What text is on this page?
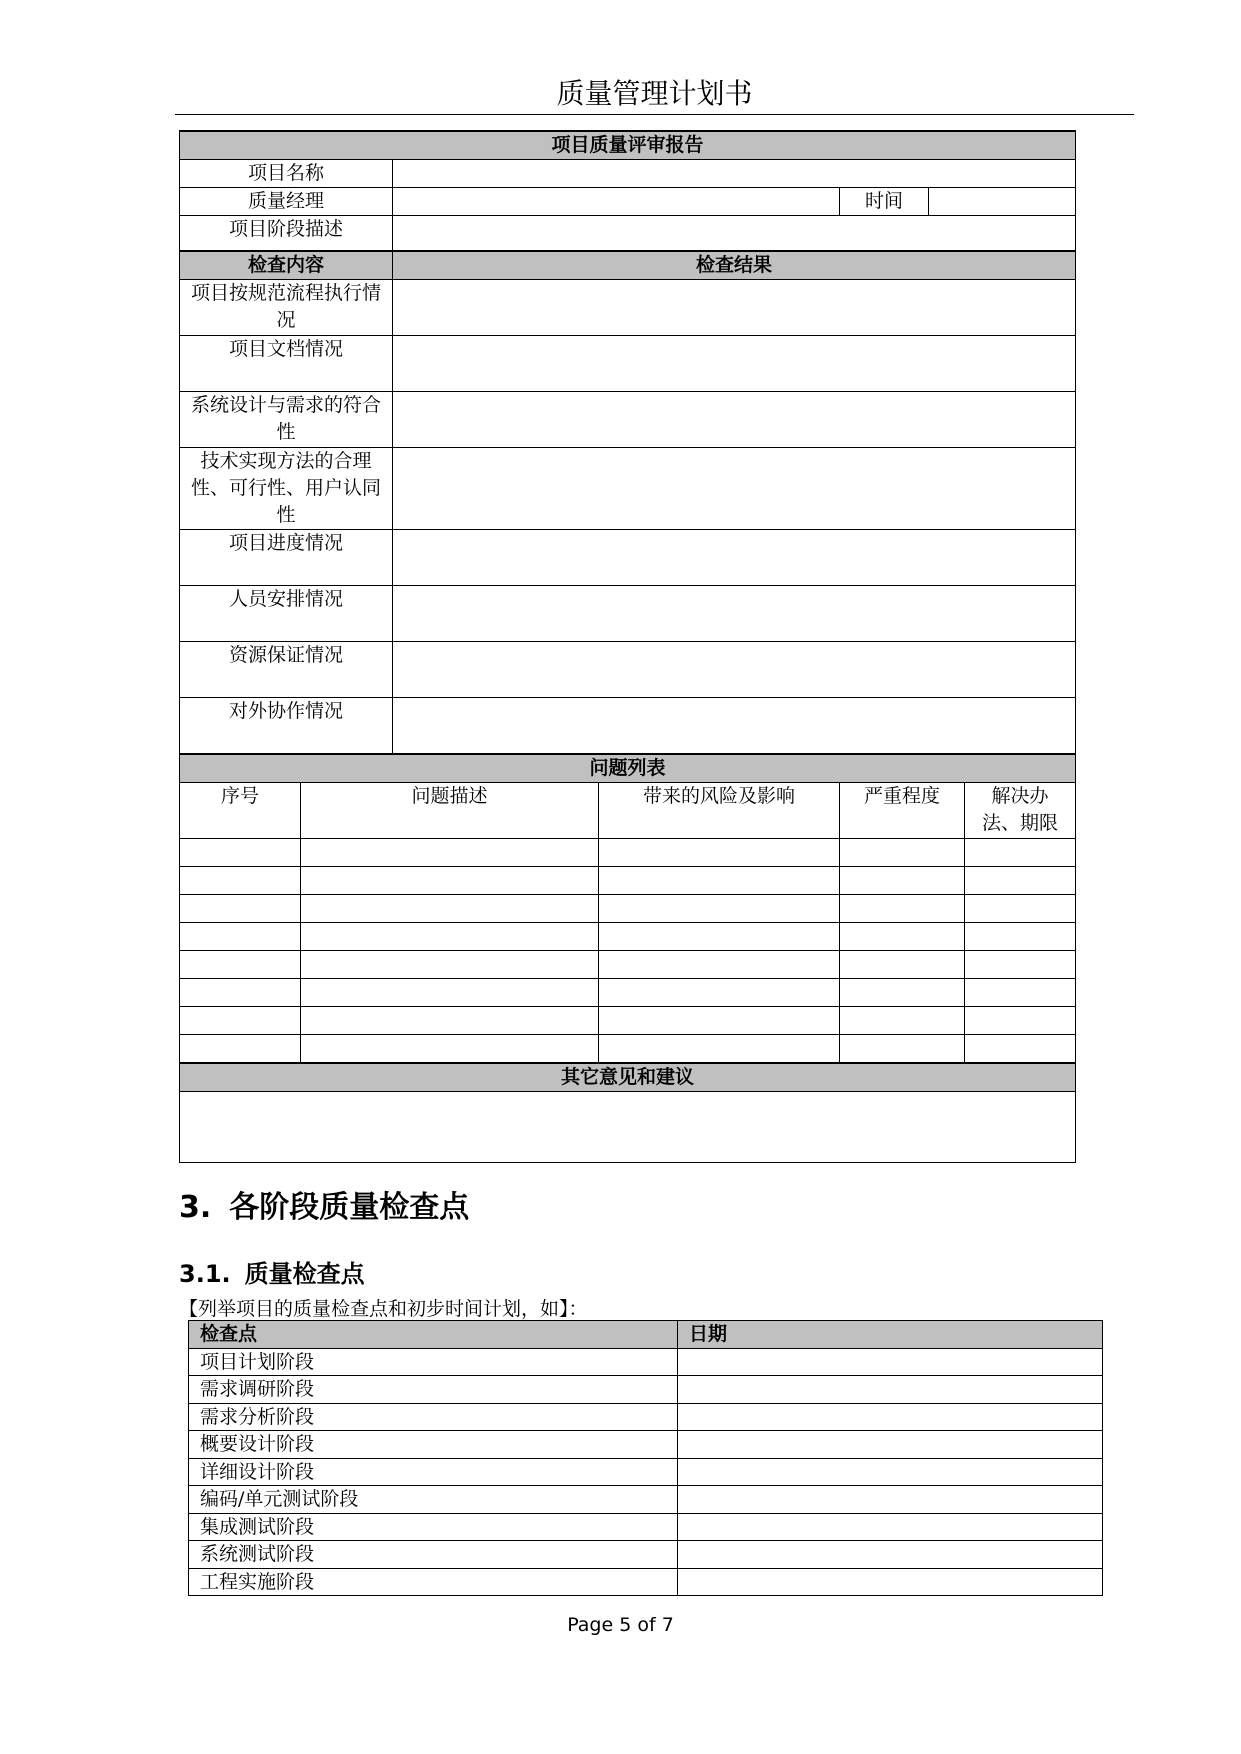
质量管理计划书
项目质量评审报告						
项目名称						
质量经理				时间		
项目阶段描述						
检查内容		检查结果				
项目按规范流程执行情况						
项目文档情况						
系统设计与需求的符合性						
技术实现方法的合理性、可行性、用户认同性						
项目进度情况						
人员安排情况						
资源保证情况						
对外协作情况						
问题列表						
序号	问题描述		带来的风险及影响	严重程度		解决办法、期限

其它意见和建议						

3. 各阶段质量检查点
3.1. 质量检查点
【列举项目的质量检查点和初步时间计划，如】：
检查点	日期
项目计划阶段	
需求调研阶段	
需求分析阶段	
概要设计阶段	
详细设计阶段	
编码/单元测试阶段	
集成测试阶段	
系统测试阶段	
工程实施阶段	
Page 5 of 7
